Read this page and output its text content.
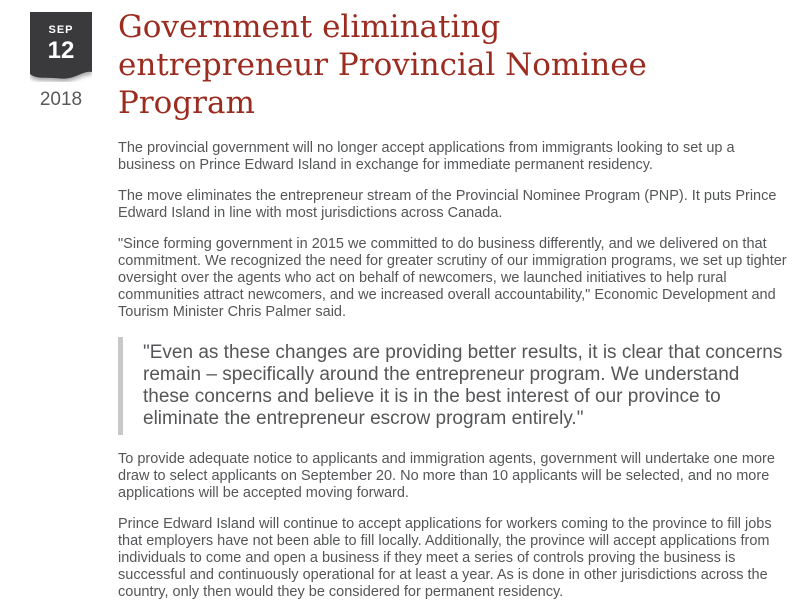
SEP
12
2018
Government eliminating entrepreneur Provincial Nominee Program

The provincial government will no longer accept applications from immigrants looking to set up a business on Prince Edward Island in exchange for immediate permanent residency.

The move eliminates the entrepreneur stream of the Provincial Nominee Program (PNP). It puts Prince Edward Island in line with most jurisdictions across Canada.

"Since forming government in 2015 we committed to do business differently, and we delivered on that commitment. We recognized the need for greater scrutiny of our immigration programs, we set up tighter oversight over the agents who act on behalf of newcomers, we launched initiatives to help rural communities attract newcomers, and we increased overall accountability," Economic Development and Tourism Minister Chris Palmer said.

"Even as these changes are providing better results, it is clear that concerns remain – specifically around the entrepreneur program. We understand these concerns and believe it is in the best interest of our province to eliminate the entrepreneur escrow program entirely."

To provide adequate notice to applicants and immigration agents, government will undertake one more draw to select applicants on September 20. No more than 10 applicants will be selected, and no more applications will be accepted moving forward.

Prince Edward Island will continue to accept applications for workers coming to the province to fill jobs that employers have not been able to fill locally. Additionally, the province will accept applications from individuals to come and open a business if they meet a series of controls proving the business is successful and continuously operational for at least a year. As is done in other jurisdictions across the country, only then would they be considered for permanent residency.
